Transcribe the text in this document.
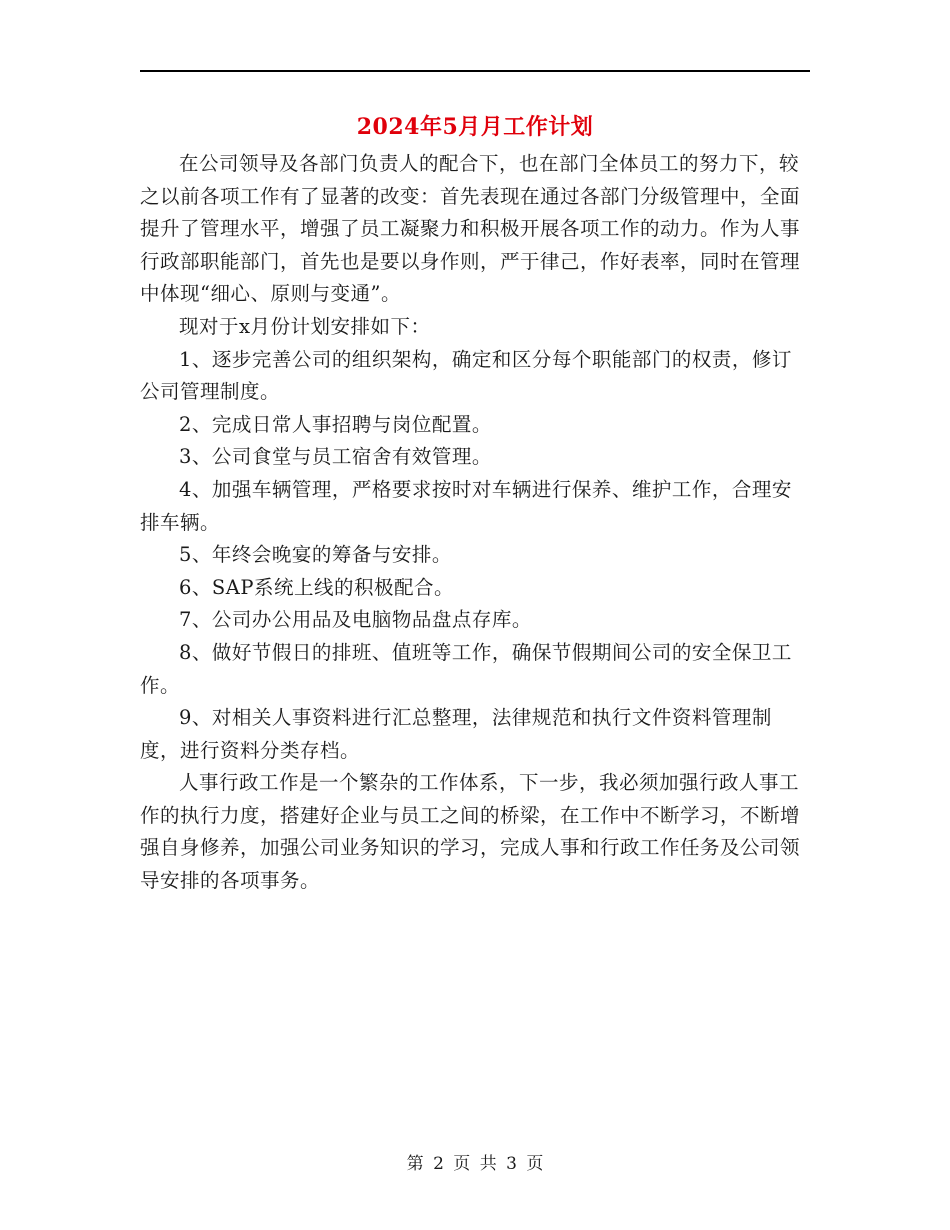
2024年5月月工作计划

在公司领导及各部门负责人的配合下，也在部门全体员工的努力下，较之以前各项工作有了显著的改变：首先表现在通过各部门分级管理中，全面提升了管理水平，增强了员工凝聚力和积极开展各项工作的动力。作为人事行政部职能部门，首先也是要以身作则，严于律己，作好表率，同时在管理中体现“细心、原则与变通”。

现对于x月份计划安排如下：

1、逐步完善公司的组织架构，确定和区分每个职能部门的权责，修订公司管理制度。

2、完成日常人事招聘与岗位配置。

3、公司食堂与员工宿舍有效管理。

4、加强车辆管理，严格要求按时对车辆进行保养、维护工作，合理安排车辆。

5、年终会晚宴的筹备与安排。

6、SAP系统上线的积极配合。

7、公司办公用品及电脑物品盘点存库。

8、做好节假日的排班、值班等工作，确保节假期间公司的安全保卫工作。

9、对相关人事资料进行汇总整理，法律规范和执行文件资料管理制度，进行资料分类存档。

人事行政工作是一个繁杂的工作体系，下一步，我必须加强行政人事工作的执行力度，搭建好企业与员工之间的桥梁，在工作中不断学习，不断增强自身修养，加强公司业务知识的学习，完成人事和行政工作任务及公司领导安排的各项事务。

第 2 页 共 3 页
